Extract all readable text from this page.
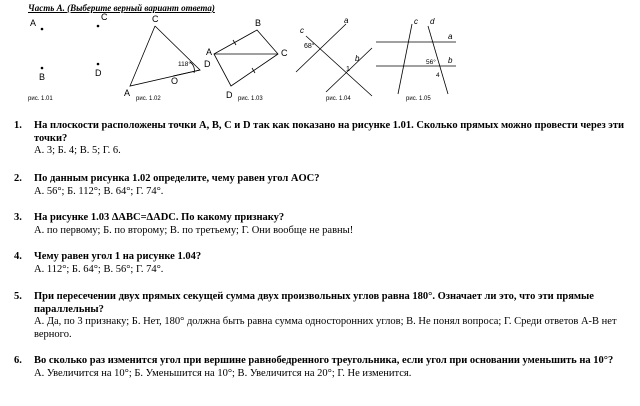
Часть А. (Выберите верный вариант ответа)
A
C
B	D
рис. 1.01
C
A
O
D
118°
рис. 1.02
B
A	C
D рис. 1.03
a
b
c
1
68°
рис. 1.04
c d
a
b
4
56°
рис. 1.05
1. На плоскости расположены точки A, B, C и D так как показано на рисунке 1.01. Сколько прямых можно провести через эти точки?
А. 3; Б. 4; В. 5; Г. 6.
2. По данным рисунка 1.02 определите, чему равен угол AOC?
А. 56°; Б. 112°; В. 64°; Г. 74°.
3. На рисунке 1.03 ΔABC=ΔADC. По какому признаку?
А. по первому; Б. по второму; В. по третьему; Г. Они вообще не равны!
4. Чему равен угол 1 на рисунке 1.04?
А. 112°; Б. 64°; В. 56°; Г. 74°.
5. При пересечении двух прямых секущей сумма двух произвольных углов равна 180°. Означает ли это, что эти прямые параллельны?
А. Да, по 3 признаку; Б. Нет, 180° должна быть равна сумма односторонних углов; В. Не понял вопроса; Г. Среди ответов А-В нет верного.
6. Во сколько раз изменится угол при вершине равнобедренного треугольника, если угол при основании уменьшить на 10°?
А. Увеличится на 10°; Б. Уменьшится на 10°; В. Увеличится на 20°; Г. Не изменится.
